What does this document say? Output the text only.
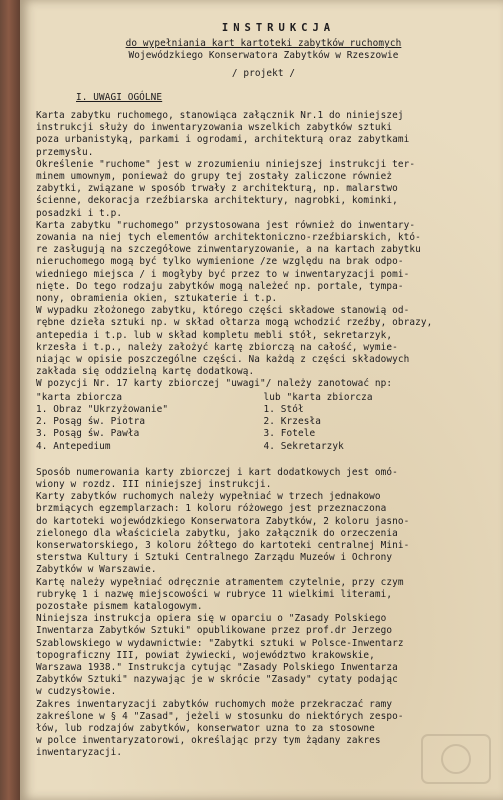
INSTRUKCJA
do wypełniania kart kartoteki zabytków ruchomych
Wojewódzkiego Konserwatora Zabytków w Rzeszowie
/ projekt /
I. UWAGI OGÓLNE
Karta zabytku ruchomego, stanowiąca załącznik Nr.1 do niniejszej
instrukcji służy do inwentaryzowania wszelkich zabytków sztuki
poza urbanistyką, parkami i ogrodami, architekturą oraz zabytkami
przemysłu.
Określenie "ruchome" jest w zrozumieniu niniejszej instrukcji ter-
minem umownym, ponieważ do grupy tej zostały zaliczone również
zabytki, związane w sposób trwały z architekturą, np. malarstwo
ścienne, dekoracja rzeźbiarska architektury, nagrobki, kominki,
posadzki i t.p.
Karta zabytku "ruchomego" przystosowana jest również do inwentary-
zowania na niej tych elementów architektoniczno-rzeźbiarskich, któ-
re zasługują na szczegółowe zinwentaryzowanie, a na kartach zabytku
nieruchomego mogą być tylko wymienione /ze względu na brak odpo-
wiedniego miejsca / i mogłyby być przez to w inwentaryzacji pomi-
nięte. Do tego rodzaju zabytków mogą należeć np. portale, tympa-
nony, obramienia okien, sztukaterie i t.p.
W wypadku złożonego zabytku, którego części składowe stanowią od-
rębne dzieła sztuki np. w skład ołtarza mogą wchodzić rzeźby, obrazy,
antepedia i t.p. lub w skład kompletu mebli stół, sekretarzyk,
krzesła i t.p., należy założyć kartę zbiorczą na całość, wymie-
niając w opisie poszczególne części. Na każdą z części składowych
zakłada się oddzielną kartę dodatkową.
W pozycji Nr. 17 karty zbiorczej "uwagi"/ należy zanotować np:
"karta zbiorcza
1. Obraz "Ukrzyżowanie"
2. Posąg św. Piotra
3. Posąg św. Pawła
4. Antepedium
lub "karta zbiorcza
1. Stół
2. Krzesła
3. Fotele
4. Sekretarzyk
Sposób numerowania karty zbiorczej i kart dodatkowych jest omó-
wiony w rozdz. III niniejszej instrukcji.
Karty zabytków ruchomych należy wypełniać w trzech jednakowo
brzmiących egzemplarzach: 1 koloru różowego jest przeznaczona
do kartoteki wojewódzkiego Konserwatora Zabytków, 2 koloru jasno-
zielonego dla właściciela zabytku, jako załącznik do orzeczenia
konserwatorskiego, 3 koloru żółtego do kartoteki centralnej Mini-
sterstwa Kultury i Sztuki Centralnego Zarządu Muzeów i Ochrony
Zabytków w Warszawie.
Kartę należy wypełniać odręcznie atramentem czytelnie, przy czym
rubrykę 1 i nazwę miejscowości w rubryce 11 wielkimi literami,
pozostałe pismem katalogowym.
Niniejsza instrukcja opiera się w oparciu o "Zasady Polskiego
Inwentarza Zabytków Sztuki" opublikowane przez prof.dr Jerzego
Szablowskiego w wydawnictwie: "Zabytki sztuki w Polsce-Inwentarz
topograficzny III, powiat żywiecki, województwo krakowskie,
Warszawa 1938." Instrukcja cytując "Zasady Polskiego Inwentarza
Zabytków Sztuki" nazywając je w skrócie "Zasady" cytaty podając
w cudzysłowie.
Zakres inwentaryzacji zabytków ruchomych może przekraczać ramy
zakreślone w § 4 "Zasad", jeżeli w stosunku do niektórych zespo-
łów, lub rodzajów zabytków, konserwator uzna to za stosowne
w polce inwentaryzatorowi, określając przy tym żądany zakres
inwentaryzacji.
